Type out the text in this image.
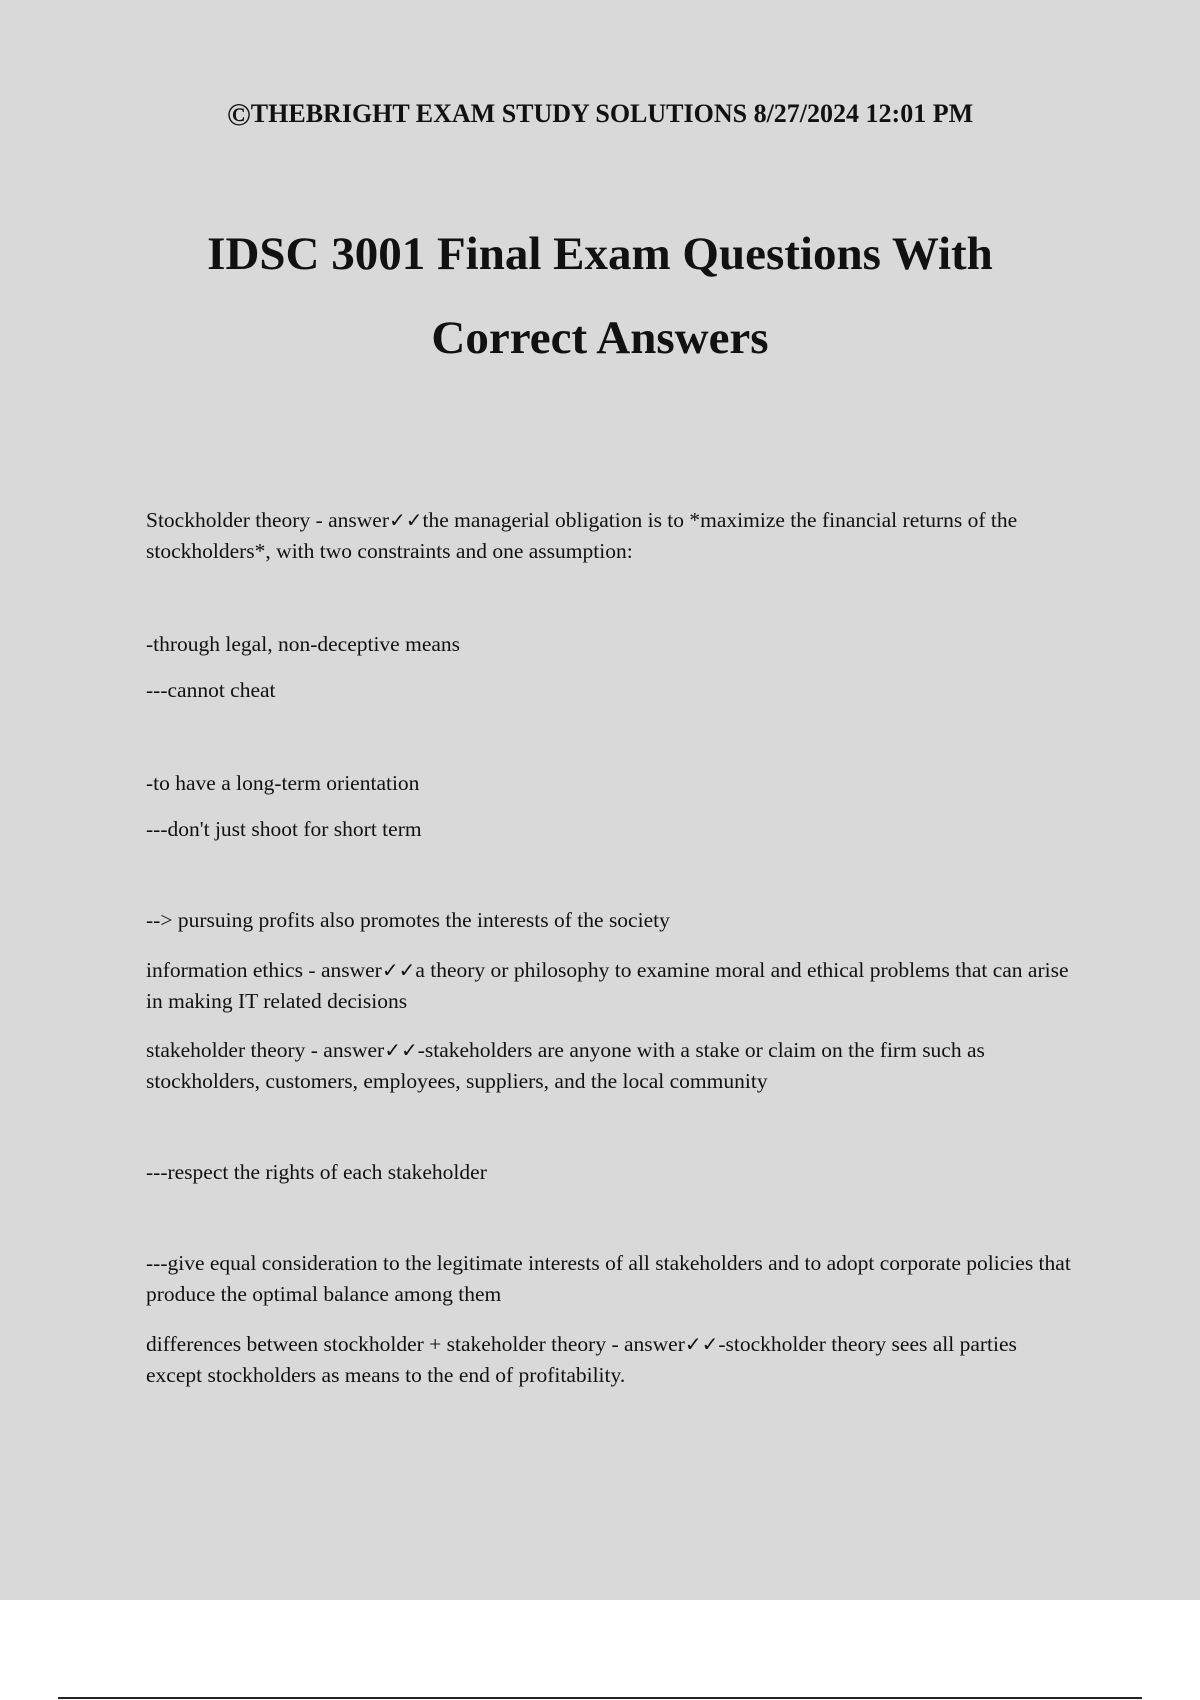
©THEBRIGHT EXAM STUDY SOLUTIONS 8/27/2024 12:01 PM
IDSC 3001 Final Exam Questions With
Correct Answers

Stockholder theory - answer✓✓the managerial obligation is to *maximize the financial returns of the stockholders*, with two constraints and one assumption:

-through legal, non-deceptive means

---cannot cheat

-to have a long-term orientation

---don't just shoot for short term

--> pursuing profits also promotes the interests of the society

information ethics - answer✓✓a theory or philosophy to examine moral and ethical problems that can arise in making IT related decisions

stakeholder theory - answer✓✓-stakeholders are anyone with a stake or claim on the firm such as stockholders, customers, employees, suppliers, and the local community

---respect the rights of each stakeholder

---give equal consideration to the legitimate interests of all stakeholders and to adopt corporate policies that produce the optimal balance among them

differences between stockholder + stakeholder theory - answer✓✓-stockholder theory sees all parties except stockholders as means to the end of profitability.
